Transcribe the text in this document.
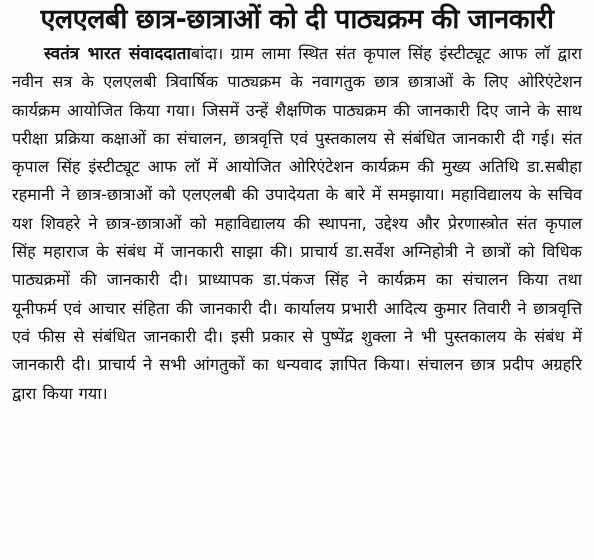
एलएलबी छात्र-छात्राओं को दी पाठ्यक्रम की जानकारी
स्वतंत्र भारत संवाददाताबांदा। ग्राम लामा स्थित संत कृपाल सिंह इंस्टीट्यूट आफ लॉ द्वारा नवीन सत्र के एलएलबी त्रिवार्षिक पाठ्यक्रम के नवागतुक छात्र छात्राओं के लिए ओरिएंटेशन कार्यक्रम आयोजित किया गया। जिसमें उन्हें शैक्षणिक पाठ्यक्रम की जानकारी दिए जाने के साथ परीक्षा प्रक्रिया कक्षाओं का संचालन, छात्रवृत्ति एवं पुस्तकालय से संबंधित जानकारी दी गई। संत कृपाल सिंह इंस्टीट्यूट आफ लॉ में आयोजित ओरिएंटेशन कार्यक्रम की मुख्य अतिथि डा.सबीहा रहमानी ने छात्र-छात्राओं को एलएलबी की उपादेयता के बारे में समझाया। महाविद्यालय के सचिव यश शिवहरे ने छात्र-छात्राओं को महाविद्यालय की स्थापना, उद्देश्य और प्रेरणास्त्रोत संत कृपाल सिंह महाराज के संबंध में जानकारी साझा की। प्राचार्य डा.सर्वेश अग्निहोत्री ने छात्रों को विधिक पाठ्यक्रमों की जानकारी दी। प्राध्यापक डा.पंकज सिंह ने कार्यक्रम का संचालन किया तथा यूनीफर्म एवं आचार संहिता की जानकारी दी। कार्यालय प्रभारी आदित्य कुमार तिवारी ने छात्रवृत्ति एवं फीस से संबंधित जानकारी दी। इसी प्रकार से पुष्पेंद्र शुक्ला ने भी पुस्तकालय के संबंध में जानकारी दी। प्राचार्य ने सभी आंगतुकों का धन्यवाद ज्ञापित किया। संचालन छात्र प्रदीप अग्रहरि द्वारा किया गया।
